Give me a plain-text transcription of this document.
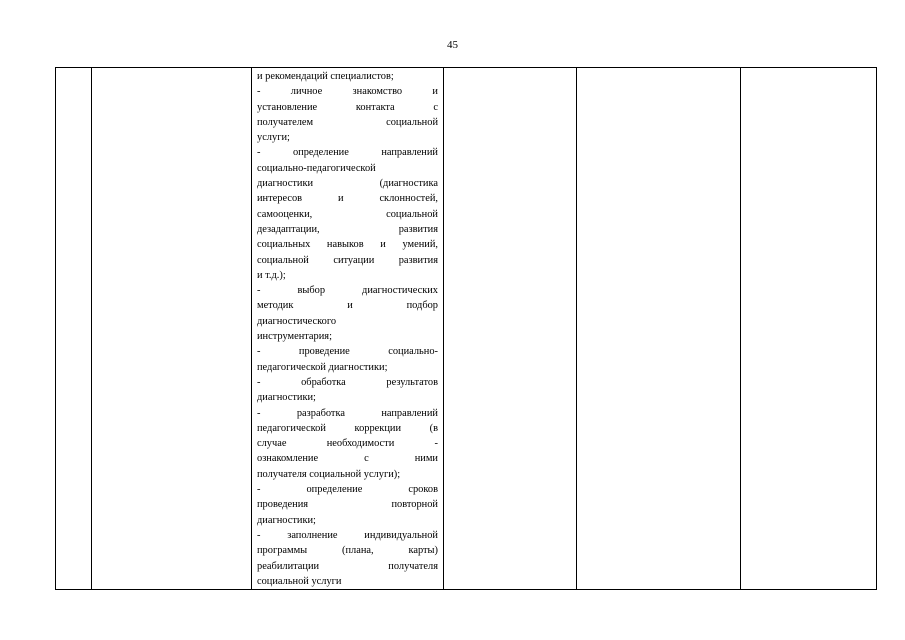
45

и рекомендаций специалистов;
- личное знакомство и
установление контакта с
получателем социальной
услуги;
- определение направлений
социально-педагогической
диагностики (диагностика
интересов и склонностей,
самооценки, социальной
дезадаптации, развития
социальных навыков и умений,
социальной ситуации развития
и т.д.);
- выбор диагностических
методик и подбор
диагностического
инструментария;
- проведение социально-
педагогической диагностики;
- обработка результатов
диагностики;
- разработка направлений
педагогической коррекции (в
случае необходимости -
ознакомление с ними
получателя социальной услуги);
- определение сроков
проведения повторной
диагностики;
- заполнение индивидуальной
программы (плана, карты)
реабилитации получателя
социальной услуги
